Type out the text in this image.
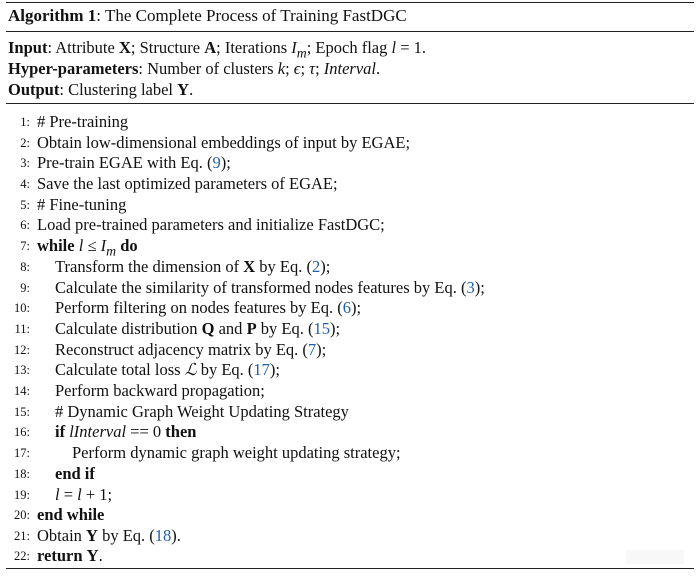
Algorithm 1: The Complete Process of Training FastDGC
Input: Attribute X; Structure A; Iterations $I_m$; Epoch flag l = 1.
Hyper-parameters: Number of clusters k; ϵ; τ; Interval.
Output: Clustering label Y.
1: # Pre-training
2: Obtain low-dimensional embeddings of input by EGAE;
3: Pre-train EGAE with Eq. (9);
4: Save the last optimized parameters of EGAE;
5: # Fine-tuning
6: Load pre-trained parameters and initialize FastDGC;
7: while $l \le I_m$ do
8: Transform the dimension of X by Eq. (2);
9: Calculate the similarity of transformed nodes features by Eq. (3);
10: Perform filtering on nodes features by Eq. (6);
11: Calculate distribution Q and P by Eq. (15);
12: Reconstruct adjacency matrix by Eq. (7);
13: Calculate total loss ℒ by Eq. (17);
14: Perform backward propagation;
15: # Dynamic Graph Weight Updating Strategy
16: if lInterval == 0 then
17:	Perform dynamic graph weight updating strategy;
18: end if
19: l = l + 1;
20: end while
21: Obtain Y by Eq. (18).
22: return Y.
